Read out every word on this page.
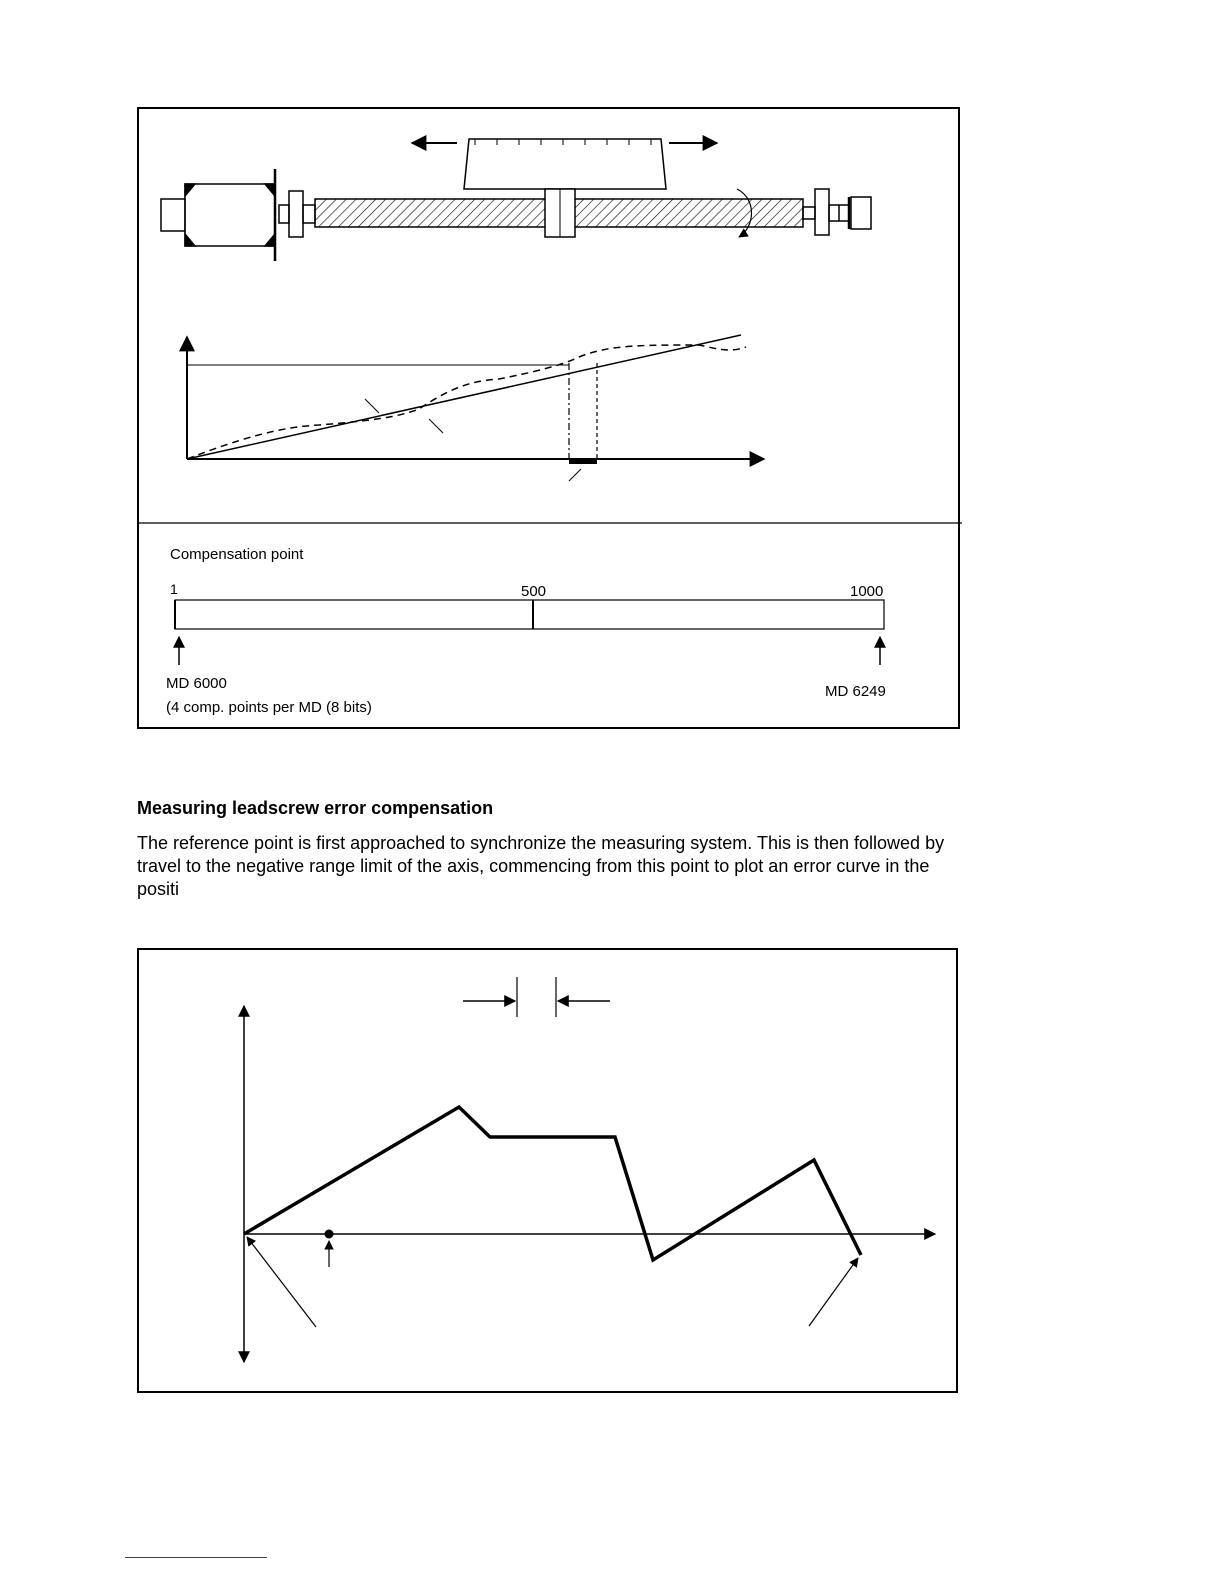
Compensation point
1	500	1000
MD 6000
(4 comp. points per MD (8 bits)
MD 6249
Measuring leadscrew error compensation
The reference point is first approached to synchronize the measuring system. This is then followed by travel to the negative range limit of the axis, commencing from this point to plot an error curve in the positi
